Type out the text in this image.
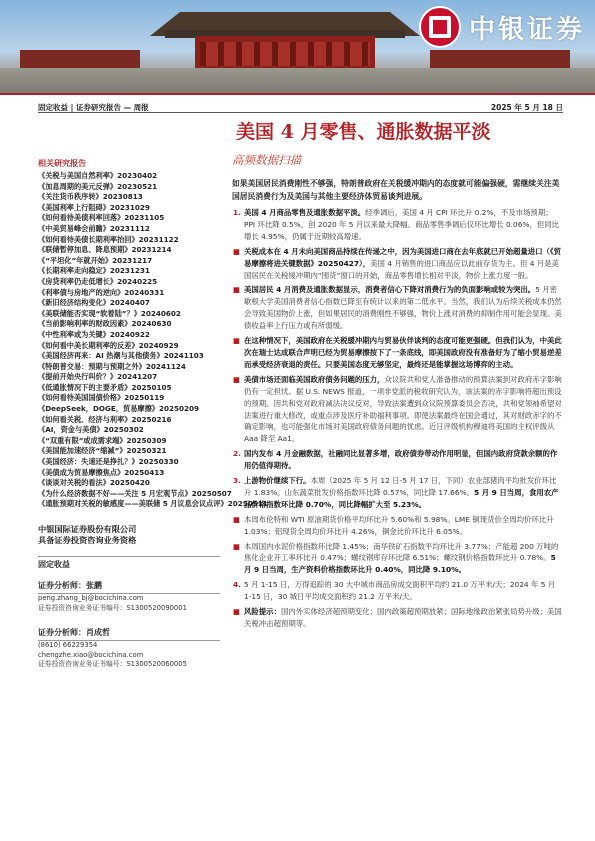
中银证券
固定收益 | 证券研究报告 — 周报	2025 年 5 月 18 日
美国 4 月零售、通胀数据平淡
高频数据扫描
相关研究报告
《关税与美国自然利率》20230402
《加息周期的美元反弹》20230521
《关注货币秩序转》20230813
《美国利率上行阻碍》20231029
《如何看待美债利率回落》20231105
《中美贸易峰会前瞻》20231112
《如何看待美债长期利率抬回》20231122
《联储暂停加息、降息预期》20231214
《“平坦化”年就开始》20231217
《长期利率走向稳定》20231231
《房贷利率仍走低增长》20240225
《利率债与房地产的逆向》20240331
《新旧经济结构变化》20240407
《美联储能否实现“软着陆”？》20240602
《当前影响利率的财政因素》20240630
《中性利率或为关键》20240922
《如何看中美长期利率的反差》20240929
《美国经济再来：AI 热潮与其他债务》20241103
《特朗普交易：预期与预期之外》20241124
《提前开始央行叫价？》20241207
《低通胀情况下的主要矛盾》20250105
《如何看待美国国债价格》20250119
《DeepSeek，DOGE，贸易摩擦》20250209
《如何看关税、经济与利率》20250216
《AI，资金与美债》20250302
《“双重有限”或成需求端》20250309
《美国能加速经济“缩减”》20250321
《美国经济：失速还是挣扎？》20250330
《美债成为贸易摩擦焦点》20250413
《谈谈对关税的看法》20250420
《为什么经济数据不好——关注 5 月宏观节点》20250507
《通胀预期对关税的敏感度——美联储 5 月议息会议点评》20250511
中银国际证券股份有限公司
具备证券投资咨询业务资格
固定收益
证券分析师：张鹏
peng.zhang_bj@bocichina.com
证券投资咨询业务证书编号：S1300520090001
证券分析师：肖成哲
(8610) 66229354
chengzhe.xiao@bocichina.com
证券投资咨询业务证书编号：S1300520060005
如果美国居民消费刚性不够强，特朗普政府在关税缓冲期内的态度就可能偏强硬，需继续关注美国居民消费行为及美国与其他主要经济体贸易谈判进展。
1. 美国 4 月商品零售及通胀数据平淡。经季调后，美国 4 月 CPI 环比升 0.2%，不及市场预期；PPI 环比降 0.5%，创 2020 年 5 月以来最大降幅。商品零售季调后仅环比增长 0.06%，但同比增长 4.95%，仍属于近期较高增速。
■ 关税成本在 4 月未向美国商品持续在传递之中，因为美国进口商在去年底就已开始超量进口（《贸易摩擦将进关键数据》20250427），美国 4 月销售的进口商品应以此前存货为主。但 4 月是美国居民在关税缓冲期内“囤货”窗口的开始，商品零售增长相对平淡，物价上涨力度一般。
■ 美国居民 4 月消费及通胀数据显示，消费者信心下降对消费行为的负面影响或较为突出。5 月密歇根大学美国消费者信心指数已降至有统计以来的第二低水平。当然，我们认为后续关税成本仍然会导致美国物价上涨，但如果居民的消费刚性不够强，物价上涨对消费的抑制作用可能会显现。美债收益率上行压力或有所弱缓。
■ 在这种情况下，美国政府在关税缓冲期内与贸易伙伴谈判的态度可能更强硬。但我们认为，中美此次在瑞士达成联合声明已经为贸易摩擦按下了一条底线，即美国政府没有准备好为了缩小贸易逆差而承受经济衰退的责任。只要美国态度无够坚定，最终还是能掌握这场博弈的主动。
■ 美债市场还面临美国政府债务问题的压力，众议院共和党人准备推动的预算法案到对政府赤字影响仍有一定担忧。据 U.S. NEWS 报道，一项非党派的税收研究认为，该法案的赤字影响将超出预设的预期。因共和党对政府减法决议反对，导致法案遭到众议院预算委员会否决，共和党领袖希望对法案进行重大修改，或重点涉及医疗补助福利事项。即使法案最终在国会通过，其对财政赤字的不确定影响，也可能强化市场对美国政府债务问题的忧虑。近日评级机构穆迪将美国的主权评级从 Aaa 降至 Aa1。
2. 国内发布 4 月金融数据，社融同比显著多增，政府债券带动作用明显，但国内政府贷款余额的作用仍值得期待。
3. 上游物价继续下行。本周（2025 年 5 月 12 日-5 月 17 日，下同）农业部猪肉平均批发价环比升 1.83%。山东蔬菜批发价格指数环比降 0.57%，同比降 17.66%。5 月 9 日当周，食用农产品价格指数环比降 0.70%，同比降幅扩大至 5.23%。
■ 本周布伦特和 WTI 原油期货价格平均环比升 5.60%和 5.98%。LME 铜现货价全周均价环比升 1.03%；铝现货全周均价环比升 4.26%，铜金比价环比升 6.05%。
■ 本周国内水泥价格指数环比降 1.45%；南华铁矿石指数平均环比升 3.77%；产能超 200 万吨的焦化企业开工率环比升 0.47%；螺纹钢库存环比降 6.51%；螺纹钢价格指数环比升 0.78%。5 月 9 日当周，生产资料价格指数环比升 0.40%，同比降 9.10%。
4. 5 月 1-15 日，万得追踪的 30 大中城市商品房成交面积平均约 21.0 万平米/天；2024 年 5 月 1-15 日，30 城日平均成交面积约 21.2 万平米/天。
■ 风险提示：国内外实体经济超预期变化；国内政策超预期放紧；国际地缘政治紧张局势升级；美国关税冲击超预期等。
